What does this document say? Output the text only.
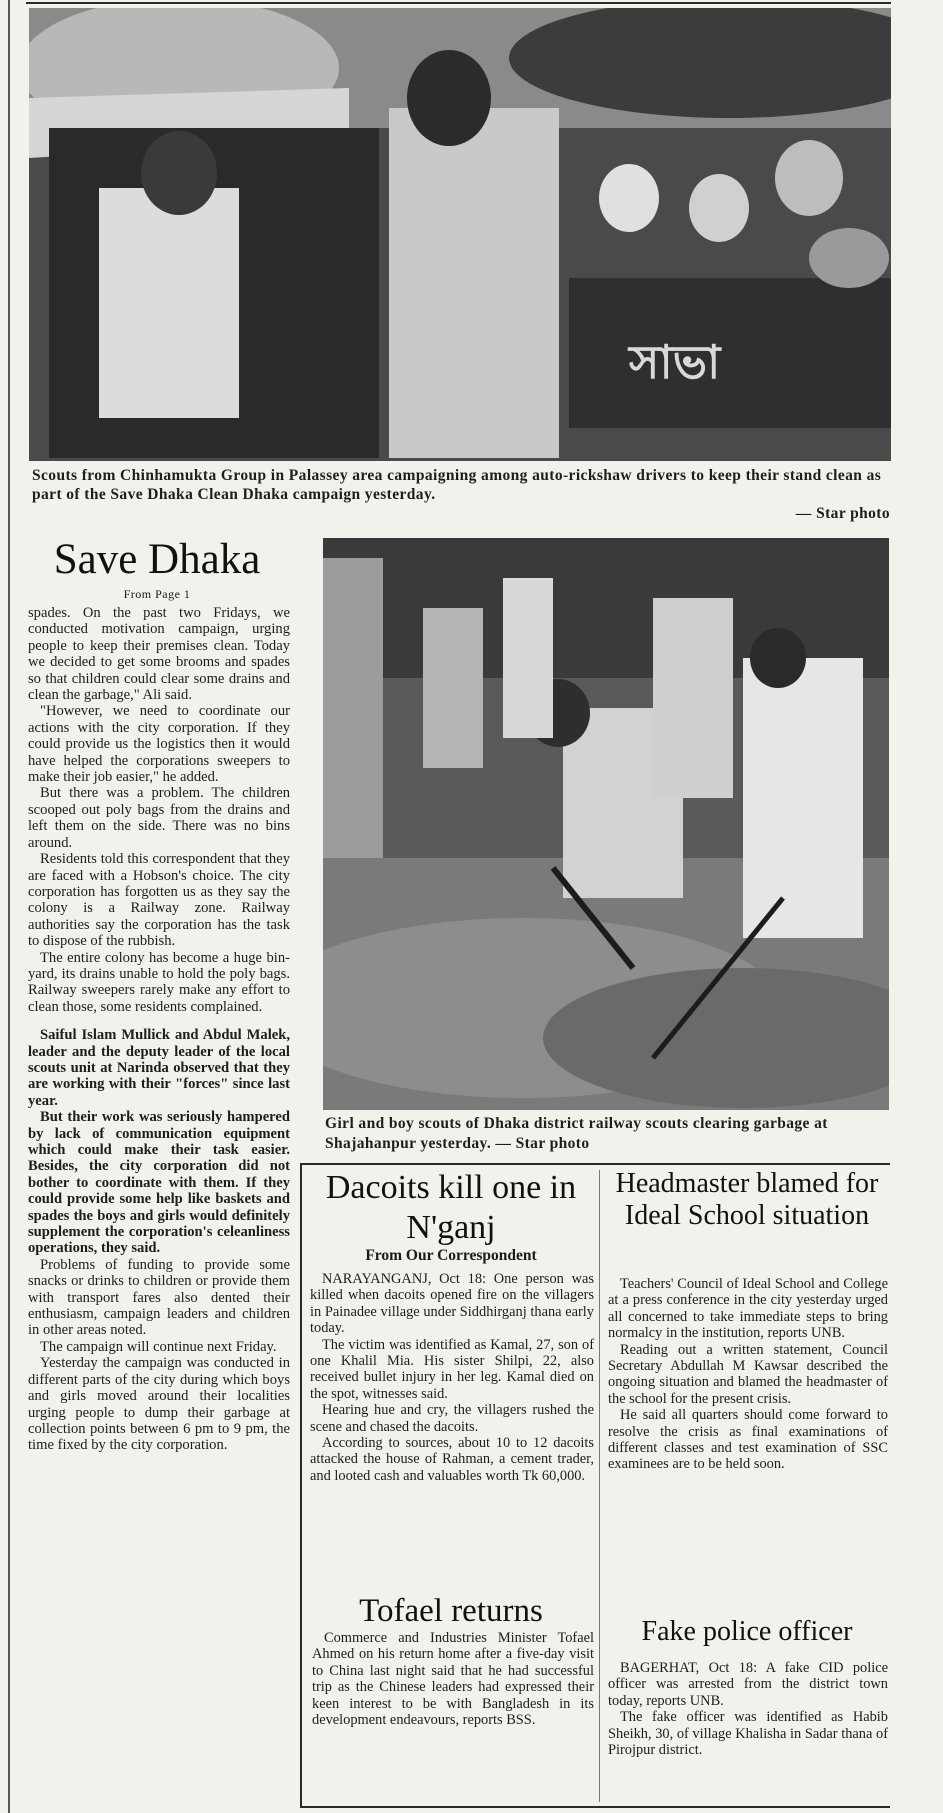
সাভা
Scouts from Chinhamukta Group in Palassey area campaigning among auto-rickshaw drivers to keep their stand clean as part of the Save Dhaka Clean Dhaka campaign yesterday.
— Star photo
Save Dhaka
From Page 1

spades. On the past two Fridays, we conducted motivation campaign, urging people to keep their premises clean. Today we decided to get some brooms and spades so that children could clear some drains and clean the garbage," Ali said.

"However, we need to coordinate our actions with the city corporation. If they could provide us the logistics then it would have helped the corporations sweepers to make their job easier," he added.

But there was a problem. The children scooped out poly bags from the drains and left them on the side. There was no bins around.

Residents told this correspondent that they are faced with a Hobson's choice. The city corporation has forgotten us as they say the colony is a Railway zone. Railway authorities say the corporation has the task to dispose of the rubbish.

The entire colony has become a huge bin-yard, its drains unable to hold the poly bags. Railway sweepers rarely make any effort to clean those, some residents complained.

Saiful Islam Mullick and Abdul Malek, leader and the deputy leader of the local scouts unit at Narinda observed that they are working with their "forces" since last year.

But their work was seriously hampered by lack of communication equipment which could make their task easier. Besides, the city corporation did not bother to coordinate with them. If they could provide some help like baskets and spades the boys and girls would definitely supplement the corporation's celeanliness operations, they said.

Problems of funding to provide some snacks or drinks to children or provide them with transport fares also dented their enthusiasm, campaign leaders and children in other areas noted.

The campaign will continue next Friday.

Yesterday the campaign was conducted in different parts of the city during which boys and girls moved around their localities urging people to dump their garbage at collection points between 6 pm to 9 pm, the time fixed by the city corporation.

Girl and boy scouts of Dhaka district railway scouts clearing garbage at Shajahanpur yesterday. — Star photo
Dacoits kill one in N'ganj
From Our Correspondent

NARAYANGANJ, Oct 18: One person was killed when dacoits opened fire on the villagers in Painadee village under Siddhirganj thana early today.

The victim was identified as Kamal, 27, son of one Khalil Mia. His sister Shilpi, 22, also received bullet injury in her leg. Kamal died on the spot, witnesses said.

Hearing hue and cry, the villagers rushed the scene and chased the dacoits.

According to sources, about 10 to 12 dacoits attacked the house of Rahman, a cement trader, and looted cash and valuables worth Tk 60,000.

Tofael returns

Commerce and Industries Minister Tofael Ahmed on his return home after a five-day visit to China last night said that he had successful trip as the Chinese leaders had expressed their keen interest to be with Bangladesh in its development endeavours, reports BSS.

Headmaster blamed for Ideal School situation

Teachers' Council of Ideal School and College at a press conference in the city yesterday urged all concerned to take immediate steps to bring normalcy in the institution, reports UNB.

Reading out a written statement, Council Secretary Abdullah M Kawsar described the ongoing situation and blamed the headmaster of the school for the present crisis.

He said all quarters should come forward to resolve the crisis as final examinations of different classes and test examination of SSC examinees are to be held soon.

Fake police officer

BAGERHAT, Oct 18: A fake CID police officer was arrested from the district town today, reports UNB.

The fake officer was identified as Habib Sheikh, 30, of village Khalisha in Sadar thana of Pirojpur district.
